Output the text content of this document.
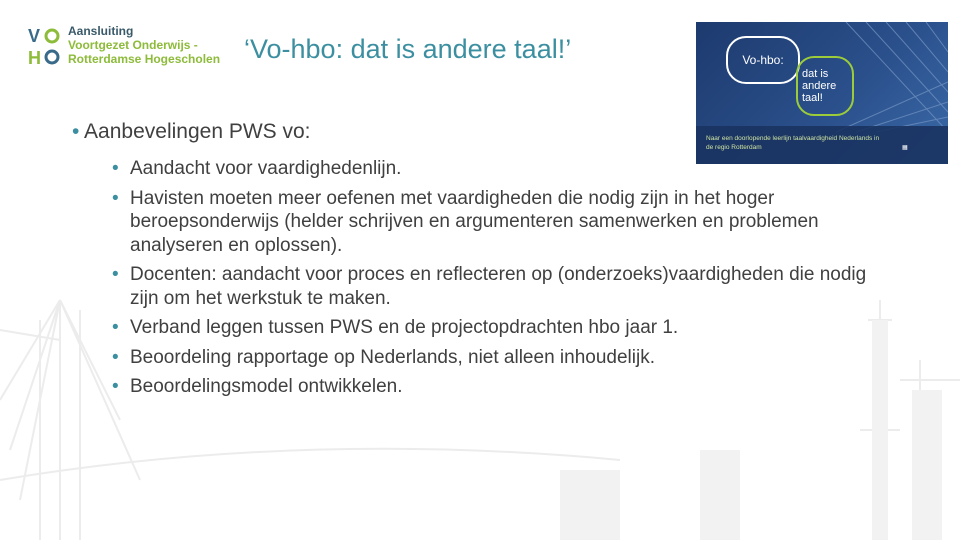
V
H
Aansluiting
Voortgezet Onderwijs -
Rotterdamse Hogescholen ‘Vo-hbo: dat is andere taal!’	Vo-hbo:
dat is andere taal!
Naar een doorlopende leerlijn taalvaardigheid Nederlands in de regio Rotterdam	▦
• Aanbevelingen PWS vo:
• Aandacht voor vaardighedenlijn.
• Havisten moeten meer oefenen met vaardigheden die nodig zijn in het hoger beroepsonderwijs (helder schrijven en argumenteren samenwerken en problemen analyseren en oplossen).
• Docenten: aandacht voor proces en reflecteren op (onderzoeks)vaardigheden die nodig zijn om het werkstuk te maken.
• Verband leggen tussen PWS en de projectopdrachten hbo jaar 1.
• Beoordeling rapportage op Nederlands, niet alleen inhoudelijk.
• Beoordelingsmodel ontwikkelen.
